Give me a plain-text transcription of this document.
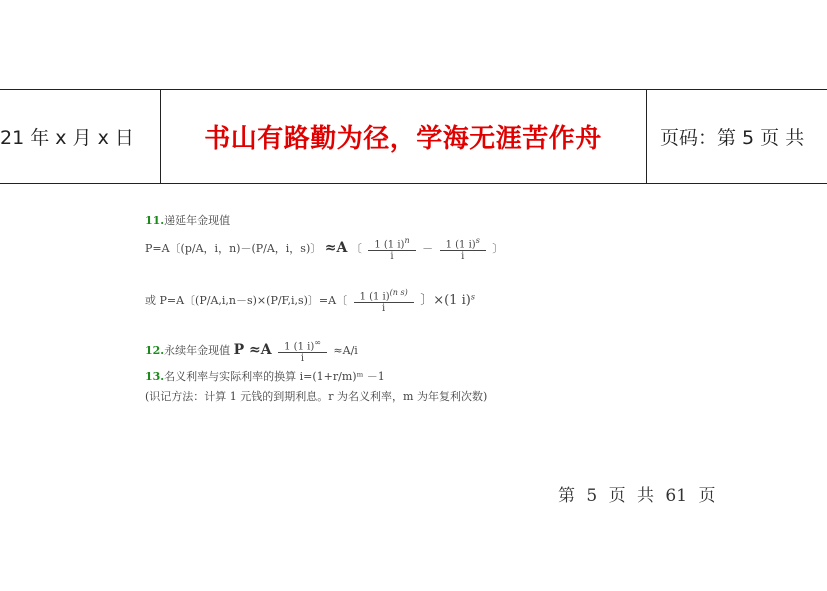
21 年 x 月 x 日	书山有路勤为径，学海无涯苦作舟	页码：第 5 页 共
11.递延年金现值
P=A〔(p/A，i，n)－(P/A，i，s)〕 ≈A 〔 $\frac{1 (1 i)^n}{i} - \frac{1 (1 i)^s}{i}$ 〕
或 P=A〔(P/A,i,n－s)×(P/F,i,s)〕=A〔 $\frac{1 (1 i)^{(n s)}}{i}$ 〕×(1 i)$^s$
12.永续年金现值 $P \approx A \frac{1 (1 i)^\infty}{i} \approx A/i$
13.名义利率与实际利率的换算 i=(1+r/m)ᵐ －1
(识记方法：计算 1 元钱的到期利息。r 为名义利率，m 为年复利次数)
第 5 页 共 61 页
